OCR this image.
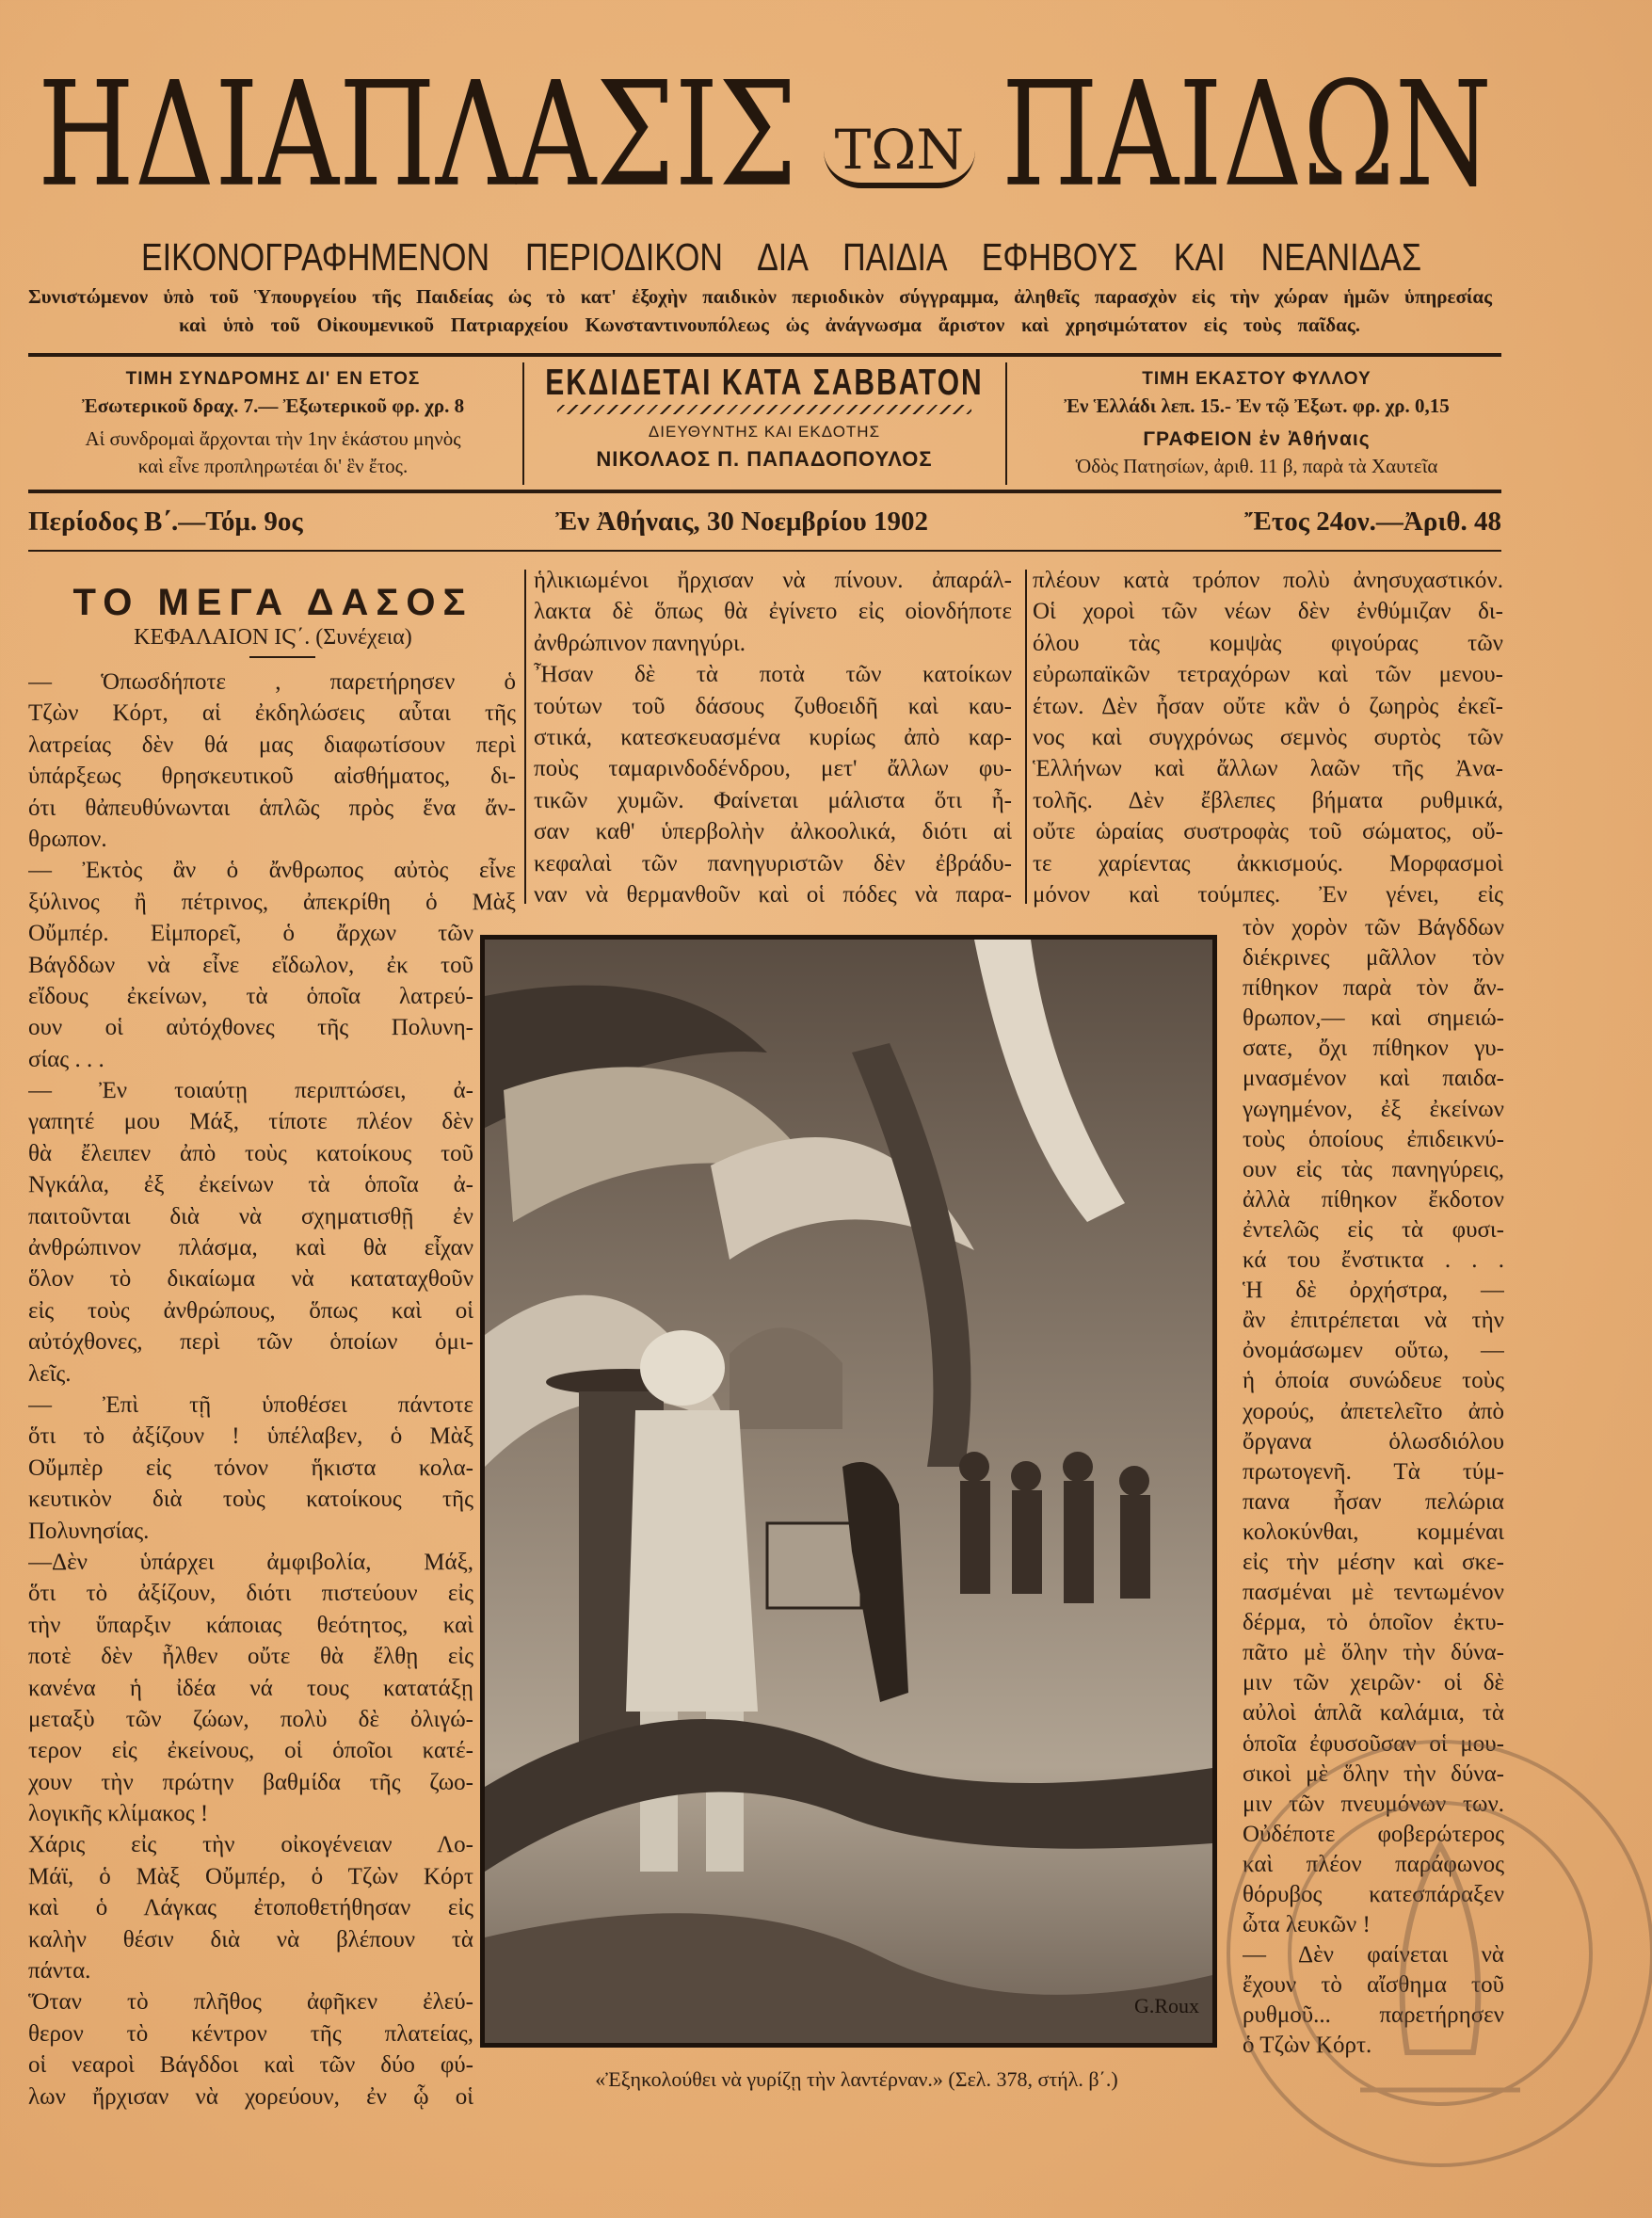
ΗΔΙΑΠΛΑΣΙΣ ΤΩΝ ΠΑΙΔΩΝ
ΕΙΚΟΝΟΓΡΑΦΗΜΕΝΟΝ ΠΕΡΙΟΔΙΚΟΝ ΔΙΑ ΠΑΙΔΙΑ ΕΦΗΒΟΥΣ ΚΑΙ ΝΕΑΝΙΔΑΣ
Συνιστώμενον ὑπὸ τοῦ Ὑπουργείου τῆς Παιδείας ὡς τὸ κατ' ἐξοχὴν παιδικὸν περιοδικὸν σύγγραμμα, ἀληθεῖς παρασχὸν εἰς τὴν χώραν ἡμῶν ὑπηρεσίας
καὶ ὑπὸ τοῦ Οἰκουμενικοῦ Πατριαρχείου Κωνσταντινουπόλεως ὡς ἀνάγνωσμα ἄριστον καὶ χρησιμώτατον εἰς τοὺς παῖδας.
ΤΙΜΗ ΣΥΝΔΡΟΜΗΣ ΔΙ' ΕΝ ΕΤΟΣ
Ἐσωτερικοῦ δραχ. 7.— Ἐξωτερικοῦ φρ. χρ. 8
Αἱ συνδρομαὶ ἄρχονται τὴν 1ην ἑκάστου μηνὸς
καὶ εἶνε προπληρωτέαι δι' ἓν ἔτος.
ΕΚΔΙΔΕΤΑΙ ΚΑΤΑ ΣΑΒΒΑΤΟΝ
ΔΙΕΥΘΥΝΤΗΣ ΚΑΙ ΕΚΔΟΤΗΣ
ΝΙΚΟΛΑΟΣ Π. ΠΑΠΑΔΟΠΟΥΛΟΣ
ΤΙΜΗ ΕΚΑΣΤΟΥ ΦΥΛΛΟΥ
Ἐν Ἑλλάδι λεπ. 15.- Ἐν τῷ Ἐξωτ. φρ. χρ. 0,15
ΓΡΑΦΕΙΟΝ ἐν Ἀθήναις
Ὁδὸς Πατησίων, ἀριθ. 11 β, παρὰ τὰ Χαυτεῖα
Περίοδος Β΄.—Τόμ. 9ος	Ἐν Ἀθήναις, 30 Νοεμβρίου 1902	Ἔτος 24ον.—Ἀριθ. 48
ΤΟ ΜΕΓΑ ΔΑΣΟΣ
ΚΕΦΑΛΑΙΟΝ ΙϚ΄. (Συνέχεια)
— Ὁπωσδήποτε , παρετήρησεν ὁ
Τζὼν Κόρτ, αἱ ἐκδηλώσεις αὗται τῆς
λατρείας δὲν θά μας διαφωτίσουν περὶ
ὑπάρξεως θρησκευτικοῦ αἰσθήματος, δι-
ότι θἀπευθύνωνται ἁπλῶς πρὸς ἕνα ἄν-
θρωπον.
— Ἐκτὸς ἂν ὁ ἄνθρωπος αὐτὸς εἶνε
ξύλινος ἢ πέτρινος, ἀπεκρίθη ὁ Μὰξ
Οὔμπέρ. Εἰμπορεῖ, ὁ ἄρχων τῶν
Βάγδδων νὰ εἶνε εἴδωλον, ἐκ τοῦ
εἴδους ἐκείνων, τὰ ὁποῖα λατρεύ-
ουν οἱ αὐτόχθονες τῆς Πολυνη-
σίας . . .
— Ἐν τοιαύτῃ περιπτώσει, ἀ-
γαπητέ μου Μάξ, τίποτε πλέον δὲν
θὰ ἔλειπεν ἀπὸ τοὺς κατοίκους τοῦ
Νγκάλα, ἐξ ἐκείνων τὰ ὁποῖα ἀ-
παιτοῦνται διὰ νὰ σχηματισθῇ ἐν
ἀνθρώπινον πλάσμα, καὶ θὰ εἶχαν
ὅλον τὸ δικαίωμα νὰ καταταχθοῦν
εἰς τοὺς ἀνθρώπους, ὅπως καὶ οἱ
αὐτόχθονες, περὶ τῶν ὁποίων ὁμι-
λεῖς.
— Ἐπὶ τῇ ὑποθέσει πάντοτε
ὅτι τὸ ἀξίζουν ! ὑπέλαβεν, ὁ Μὰξ
Οὔμπὲρ εἰς τόνον ἥκιστα κολα-
κευτικὸν διὰ τοὺς κατοίκους τῆς
Πολυνησίας.
—Δὲν ὑπάρχει ἀμφιβολία, Μάξ,
ὅτι τὸ ἀξίζουν, διότι πιστεύουν εἰς
τὴν ὕπαρξιν κάποιας θεότητος, καὶ
ποτὲ δὲν ἦλθεν οὔτε θὰ ἔλθῃ εἰς
κανένα ἡ ἰδέα νά τους κατατάξῃ
μεταξὺ τῶν ζώων, πολὺ δὲ ὀλιγώ-
τερον εἰς ἐκείνους, οἱ ὁποῖοι κατέ-
χουν τὴν πρώτην βαθμίδα τῆς ζωο-
λογικῆς κλίμακος !
Χάρις εἰς τὴν οἰκογένειαν Λο-
Μάϊ, ὁ Μὰξ Οὔμπέρ, ὁ Τζὼν Κόρτ
καὶ ὁ Λάγκας ἐτοποθετήθησαν εἰς
καλὴν θέσιν διὰ νὰ βλέπουν τὰ
πάντα.
Ὅταν τὸ πλῆθος ἀφῆκεν ἐλεύ-
θερον τὸ κέντρον τῆς πλατείας,
οἱ νεαροὶ Βάγδδοι καὶ τῶν δύο φύ-
λων ἤρχισαν νὰ χορεύουν, ἐν ᾧ οἱ
ἡλικιωμένοι ἤρχισαν νὰ πίνουν. ἀπαράλ-
λακτα δὲ ὅπως θὰ ἐγίνετο εἰς οἱονδήποτε
ἀνθρώπινον πανηγύρι.
Ἦσαν δὲ τὰ ποτὰ τῶν κατοίκων
τούτων τοῦ δάσους ζυθοειδῆ καὶ καυ-
στικά, κατεσκευασμένα κυρίως ἀπὸ καρ-
ποὺς ταμαρινδοδένδρου, μετ' ἄλλων φυ-
τικῶν χυμῶν. Φαίνεται μάλιστα ὅτι ἦ-
σαν καθ' ὑπερβολὴν ἀλκοολικά, διότι αἱ
κεφαλαὶ τῶν πανηγυριστῶν δὲν ἐβράδυ-
ναν νὰ θερμανθοῦν καὶ οἱ πόδες νὰ παρα-
πλέουν κατὰ τρόπον πολὺ ἀνησυχαστικόν.
Οἱ χοροὶ τῶν νέων δὲν ἐνθύμιζαν δι-
όλου τὰς κομψὰς φιγούρας τῶν
εὐρωπαϊκῶν τετραχόρων καὶ τῶν μενου-
έτων. Δὲν ἦσαν οὔτε κἂν ὁ ζωηρὸς ἐκεῖ-
νος καὶ συγχρόνως σεμνὸς συρτὸς τῶν
Ἑλλήνων καὶ ἄλλων λαῶν τῆς Ἀνα-
τολῆς. Δὲν ἔβλεπες βήματα ρυθμικά,
οὔτε ὡραίας συστροφὰς τοῦ σώματος, οὔ-
τε χαρίεντας ἀκκισμούς. Μορφασμοὶ
μόνον καὶ τούμπες. Ἐν γένει, εἰς
τὸν χορὸν τῶν Βάγδδων
διέκρινες μᾶλλον τὸν
πίθηκον παρὰ τὸν ἄν-
θρωπον,— καὶ σημειώ-
σατε, ὄχι πίθηκον γυ-
μνασμένον καὶ παιδα-
γωγημένον, ἐξ ἐκείνων
τοὺς ὁποίους ἐπιδεικνύ-
ουν εἰς τὰς πανηγύρεις,
ἀλλὰ πίθηκον ἔκδοτον
ἐντελῶς εἰς τὰ φυσι-
κά του ἔνστικτα . . .
Ἡ δὲ ὀρχήστρα, —
ἂν ἐπιτρέπεται νὰ τὴν
ὀνομάσωμεν οὕτω, —
ἡ ὁποία συνώδευε τοὺς
χορούς, ἀπετελεῖτο ἀπὸ
ὄργανα ὁλωσδιόλου
πρωτογενῆ. Τὰ τύμ-
πανα ἦσαν πελώρια
κολοκύνθαι, κομμέναι
εἰς τὴν μέσην καὶ σκε-
πασμέναι μὲ τεντωμένον
δέρμα, τὸ ὁποῖον ἐκτυ-
πᾶτο μὲ ὅλην τὴν δύνα-
μιν τῶν χειρῶν· οἱ δὲ
αὐλοὶ ἁπλᾶ καλάμια, τὰ
ὁποῖα ἐφυσοῦσαν οἱ μου-
σικοὶ μὲ ὅλην τὴν δύνα-
μιν τῶν πνευμόνων των.
Οὐδέποτε φοβερώτερος
καὶ πλέον παράφωνος
θόρυβος κατεσπάραξεν
ὦτα λευκῶν !
— Δὲν φαίνεται νὰ
ἔχουν τὸ αἴσθημα τοῦ
ρυθμοῦ... παρετήρησεν
ὁ Τζὼν Κόρτ.
G.Roux
«Ἐξηκολούθει νὰ γυρίζῃ τὴν λαντέρναν.» (Σελ. 378, στήλ. β΄.)
